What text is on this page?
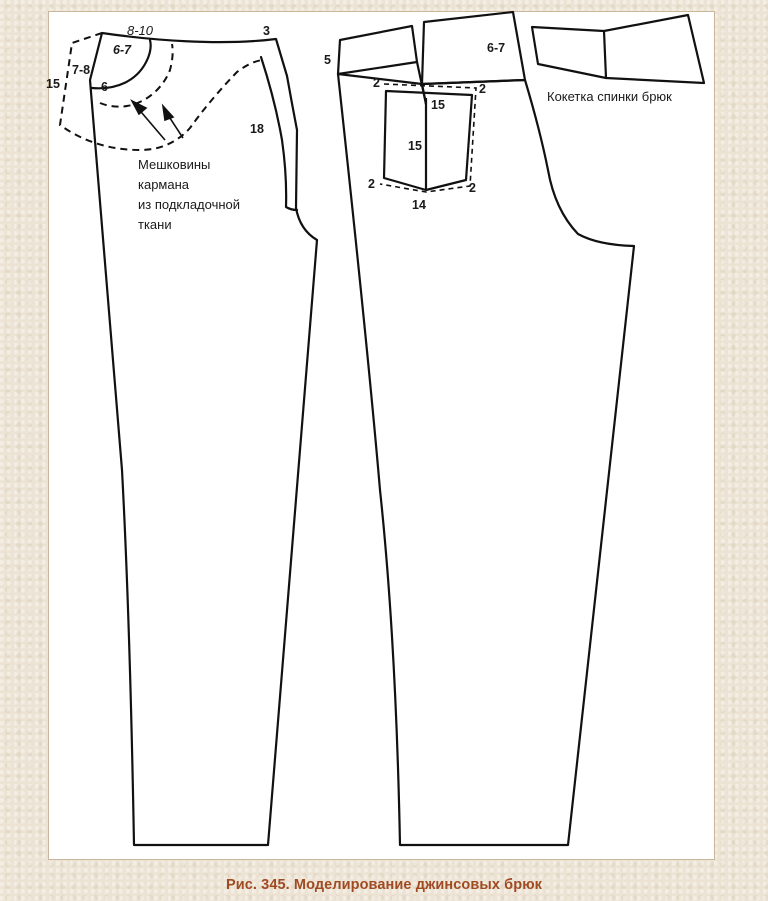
8-10
6-7
6
7-8
15
3
18
Мешковины
кармана
из подкладочной
ткани
5
6-7
2	2
15
15
2	2
14
Кокетка спинки брюк
Рис. 345. Моделирование джинсовых брюк
